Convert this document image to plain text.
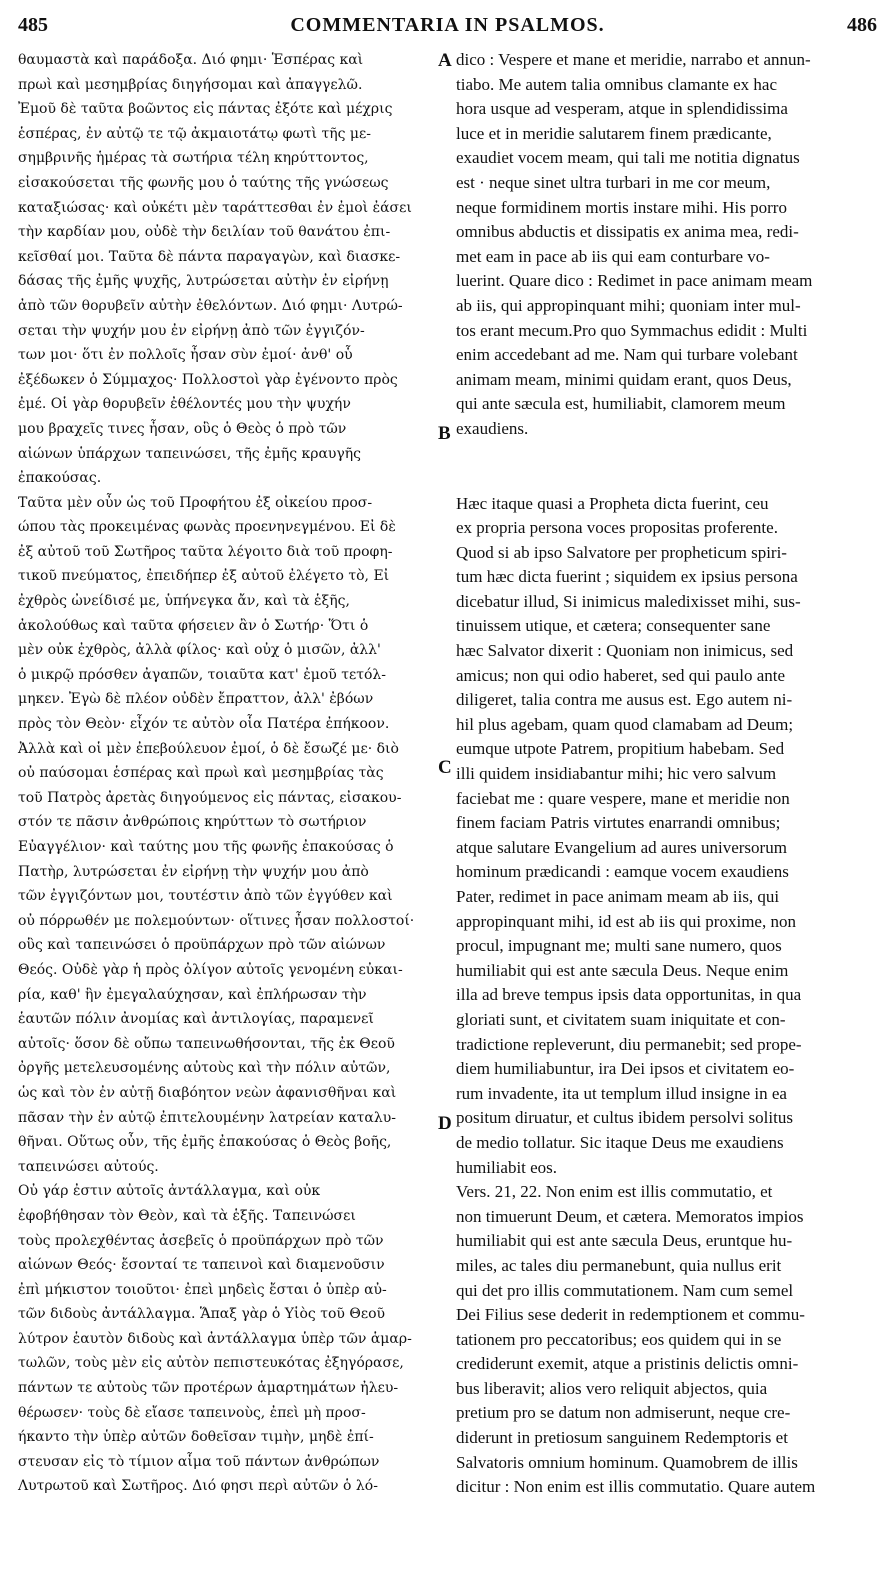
485	COMMENTARIA IN PSALMOS.	486

θαυμαστὰ καὶ παράδοξα. Διό φημι· Ἑσπέρας καὶ

πρωὶ καὶ μεσημβρίας διηγήσομαι καὶ ἀπαγγελῶ.

Ἐμοῦ δὲ ταῦτα βοῶντος εἰς πάντας ἐξότε καὶ μέχρις

ἑσπέρας, ἐν αὐτῷ τε τῷ ἀκμαιοτάτῳ φωτὶ τῆς με-

σημβρινῆς ἡμέρας τὰ σωτήρια τέλη κηρύττοντος,

εἰσακούσεται τῆς φωνῆς μου ὁ ταύτης τῆς γνώσεως

καταξιώσας· καὶ οὐκέτι μὲν ταράττεσθαι ἐν ἐμοὶ ἐάσει

τὴν καρδίαν μου, οὐδὲ τὴν δειλίαν τοῦ θανάτου ἐπι-

κεῖσθαί μοι. Ταῦτα δὲ πάντα παραγαγὼν, καὶ διασκε-

δάσας τῆς ἐμῆς ψυχῆς, λυτρώσεται αὐτὴν ἐν εἰρήνῃ

ἀπὸ τῶν θορυβεῖν αὐτὴν ἐθελόντων. Διό φημι· Λυτρώ-

σεται τὴν ψυχήν μου ἐν εἰρήνῃ ἀπὸ τῶν ἐγγιζόν-

των μοι· ὅτι ἐν πολλοῖς ἦσαν σὺν ἐμοί· ἀνθ' οὗ

ἐξέδωκεν ὁ Σύμμαχος· Πολλοστοὶ γὰρ ἐγένοντο πρὸς

ἐμέ. Οἱ γὰρ θορυβεῖν ἐθέλοντές μου τὴν ψυχήν

μου βραχεῖς τινες ἦσαν, οὓς ὁ Θεὸς ὁ πρὸ τῶν

αἰώνων ὑπάρχων ταπεινώσει, τῆς ἐμῆς κραυγῆς

ἐπακούσας.

Ταῦτα μὲν οὖν ὡς τοῦ Προφήτου ἐξ οἰκείου προσ-

ώπου τὰς προκειμένας φωνὰς προενηνεγμένου. Εἰ δὲ

ἐξ αὐτοῦ τοῦ Σωτῆρος ταῦτα λέγοιτο διὰ τοῦ προφη-

τικοῦ πνεύματος, ἐπειδήπερ ἐξ αὐτοῦ ἐλέγετο τὸ, Εἰ

ἐχθρὸς ὠνείδισέ με, ὑπήνεγκα ἄν, καὶ τὰ ἑξῆς,

ἀκολούθως καὶ ταῦτα φήσειεν ἂν ὁ Σωτήρ· Ὅτι ὁ

μὲν οὐκ ἐχθρὸς, ἀλλὰ φίλος· καὶ οὐχ ὁ μισῶν, ἀλλ'

ὁ μικρῷ πρόσθεν ἀγαπῶν, τοιαῦτα κατ' ἐμοῦ τετόλ-

μηκεν. Ἐγὼ δὲ πλέον οὐδὲν ἔπραττον, ἀλλ' ἐβόων

πρὸς τὸν Θεὸν· εἶχόν τε αὐτὸν οἷα Πατέρα ἐπήκοον.

Ἀλλὰ καὶ οἱ μὲν ἐπεβούλευον ἐμοί, ὁ δὲ ἔσωζέ με· διὸ

οὐ παύσομαι ἑσπέρας καὶ πρωὶ καὶ μεσημβρίας τὰς

τοῦ Πατρὸς ἀρετὰς διηγούμενος εἰς πάντας, εἰσακου-

στόν τε πᾶσιν ἀνθρώποις κηρύττων τὸ σωτήριον

Εὐαγγέλιον· καὶ ταύτης μου τῆς φωνῆς ἐπακούσας ὁ

Πατὴρ, λυτρώσεται ἐν εἰρήνῃ τὴν ψυχήν μου ἀπὸ

τῶν ἐγγιζόντων μοι, τουτέστιν ἀπὸ τῶν ἐγγύθεν καὶ

οὐ πόρρωθέν με πολεμούντων· οἵτινες ἦσαν πολλοστοί·

οὓς καὶ ταπεινώσει ὁ προϋπάρχων πρὸ τῶν αἰώνων

Θεός. Οὐδὲ γὰρ ἡ πρὸς ὀλίγον αὐτοῖς γενομένη εὐκαι-

ρία, καθ' ἣν ἐμεγαλαύχησαν, καὶ ἐπλήρωσαν τὴν

ἑαυτῶν πόλιν ἀνομίας καὶ ἀντιλογίας, παραμενεῖ

αὐτοῖς· ὅσον δὲ οὔπω ταπεινωθήσονται, τῆς ἐκ Θεοῦ

ὀργῆς μετελευσομένης αὐτοὺς καὶ τὴν πόλιν αὐτῶν,

ὡς καὶ τὸν ἐν αὐτῇ διαβόητον νεὼν ἀφανισθῆναι καὶ

πᾶσαν τὴν ἐν αὐτῷ ἐπιτελουμένην λατρείαν καταλυ-

θῆναι. Οὕτως οὖν, τῆς ἐμῆς ἐπακούσας ὁ Θεὸς βοῆς,

ταπεινώσει αὐτούς.

Οὐ γάρ ἐστιν αὐτοῖς ἀντάλλαγμα, καὶ οὐκ

ἐφοβήθησαν τὸν Θεὸν, καὶ τὰ ἑξῆς. Ταπεινώσει

τοὺς προλεχθέντας ἀσεβεῖς ὁ προϋπάρχων πρὸ τῶν

αἰώνων Θεός· ἔσονταί τε ταπεινοὶ καὶ διαμενοῦσιν

ἐπὶ μήκιστον τοιοῦτοι· ἐπεὶ μηδεὶς ἔσται ὁ ὑπὲρ αὐ-

τῶν διδοὺς ἀντάλλαγμα. Ἅπαξ γὰρ ὁ Υἱὸς τοῦ Θεοῦ

λύτρον ἑαυτὸν διδοὺς καὶ ἀντάλλαγμα ὑπὲρ τῶν ἁμαρ-

τωλῶν, τοὺς μὲν εἰς αὐτὸν πεπιστευκότας ἐξηγόρασε,

πάντων τε αὐτοὺς τῶν προτέρων ἁμαρτημάτων ἠλευ-

θέρωσεν· τοὺς δὲ εἴασε ταπεινοὺς, ἐπεὶ μὴ προσ-

ήκαντο τὴν ὑπὲρ αὐτῶν δοθεῖσαν τιμὴν, μηδὲ ἐπί-

στευσαν εἰς τὸ τίμιον αἷμα τοῦ πάντων ἀνθρώπων

Λυτρωτοῦ καὶ Σωτῆρος. Διό φησι περὶ αὐτῶν ὁ λό-

dico : Vespere et mane et meridie, narrabo et annun-

tiabo. Me autem talia omnibus clamante ex hac

hora usque ad vesperam, atque in splendidissima

luce et in meridie salutarem finem prædicante,

exaudiet vocem meam, qui tali me notitia dignatus

est · neque sinet ultra turbari in me cor meum,

neque formidinem mortis instare mihi. His porro

omnibus abductis et dissipatis ex anima mea, redi-

met eam in pace ab iis qui eam conturbare vo-

luerint. Quare dico : Redimet in pace animam meam

ab iis, qui appropinquant mihi; quoniam inter mul-

tos erant mecum.Pro quo Symmachus edidit : Multi

enim accedebant ad me. Nam qui turbare volebant

animam meam, minimi quidam erant, quos Deus,

qui ante sæcula est, humiliabit, clamorem meum

exaudiens.

Hæc itaque quasi a Propheta dicta fuerint, ceu

ex propria persona voces propositas proferente.

Quod si ab ipso Salvatore per propheticum spiri-

tum hæc dicta fuerint ; siquidem ex ipsius persona

dicebatur illud, Si inimicus maledixisset mihi, sus-

tinuissem utique, et cætera; consequenter sane

hæc Salvator dixerit : Quoniam non inimicus, sed

amicus; non qui odio haberet, sed qui paulo ante

diligeret, talia contra me ausus est. Ego autem ni-

hil plus agebam, quam quod clamabam ad Deum;

eumque utpote Patrem, propitium habebam. Sed

illi quidem insidiabantur mihi; hic vero salvum

faciebat me : quare vespere, mane et meridie non

finem faciam Patris virtutes enarrandi omnibus;

atque salutare Evangelium ad aures universorum

hominum prædicandi : eamque vocem exaudiens

Pater, redimet in pace animam meam ab iis, qui

appropinquant mihi, id est ab iis qui proxime, non

procul, impugnant me; multi sane numero, quos

humiliabit qui est ante sæcula Deus. Neque enim

illa ad breve tempus ipsis data opportunitas, in qua

gloriati sunt, et civitatem suam iniquitate et con-

tradictione repleverunt, diu permanebit; sed prope-

diem humiliabuntur, ira Dei ipsos et civitatem eo-

rum invadente, ita ut templum illud insigne in ea

positum diruatur, et cultus ibidem persolvi solitus

de medio tollatur. Sic itaque Deus me exaudiens

humiliabit eos.

Vers. 21, 22. Non enim est illis commutatio, et

non timuerunt Deum, et cætera. Memoratos impios

humiliabit qui est ante sæcula Deus, eruntque hu-

miles, ac tales diu permanebunt, quia nullus erit

qui det pro illis commutationem. Nam cum semel

Dei Filius sese dederit in redemptionem et commu-

tationem pro peccatoribus; eos quidem qui in se

crediderunt exemit, atque a pristinis delictis omni-

bus liberavit; alios vero reliquit abjectos, quia

pretium pro se datum non admiserunt, neque cre-

diderunt in pretiosum sanguinem Redemptoris et

Salvatoris omnium hominum. Quamobrem de illis

dicitur : Non enim est illis commutatio. Quare autem

A
B
C
D
